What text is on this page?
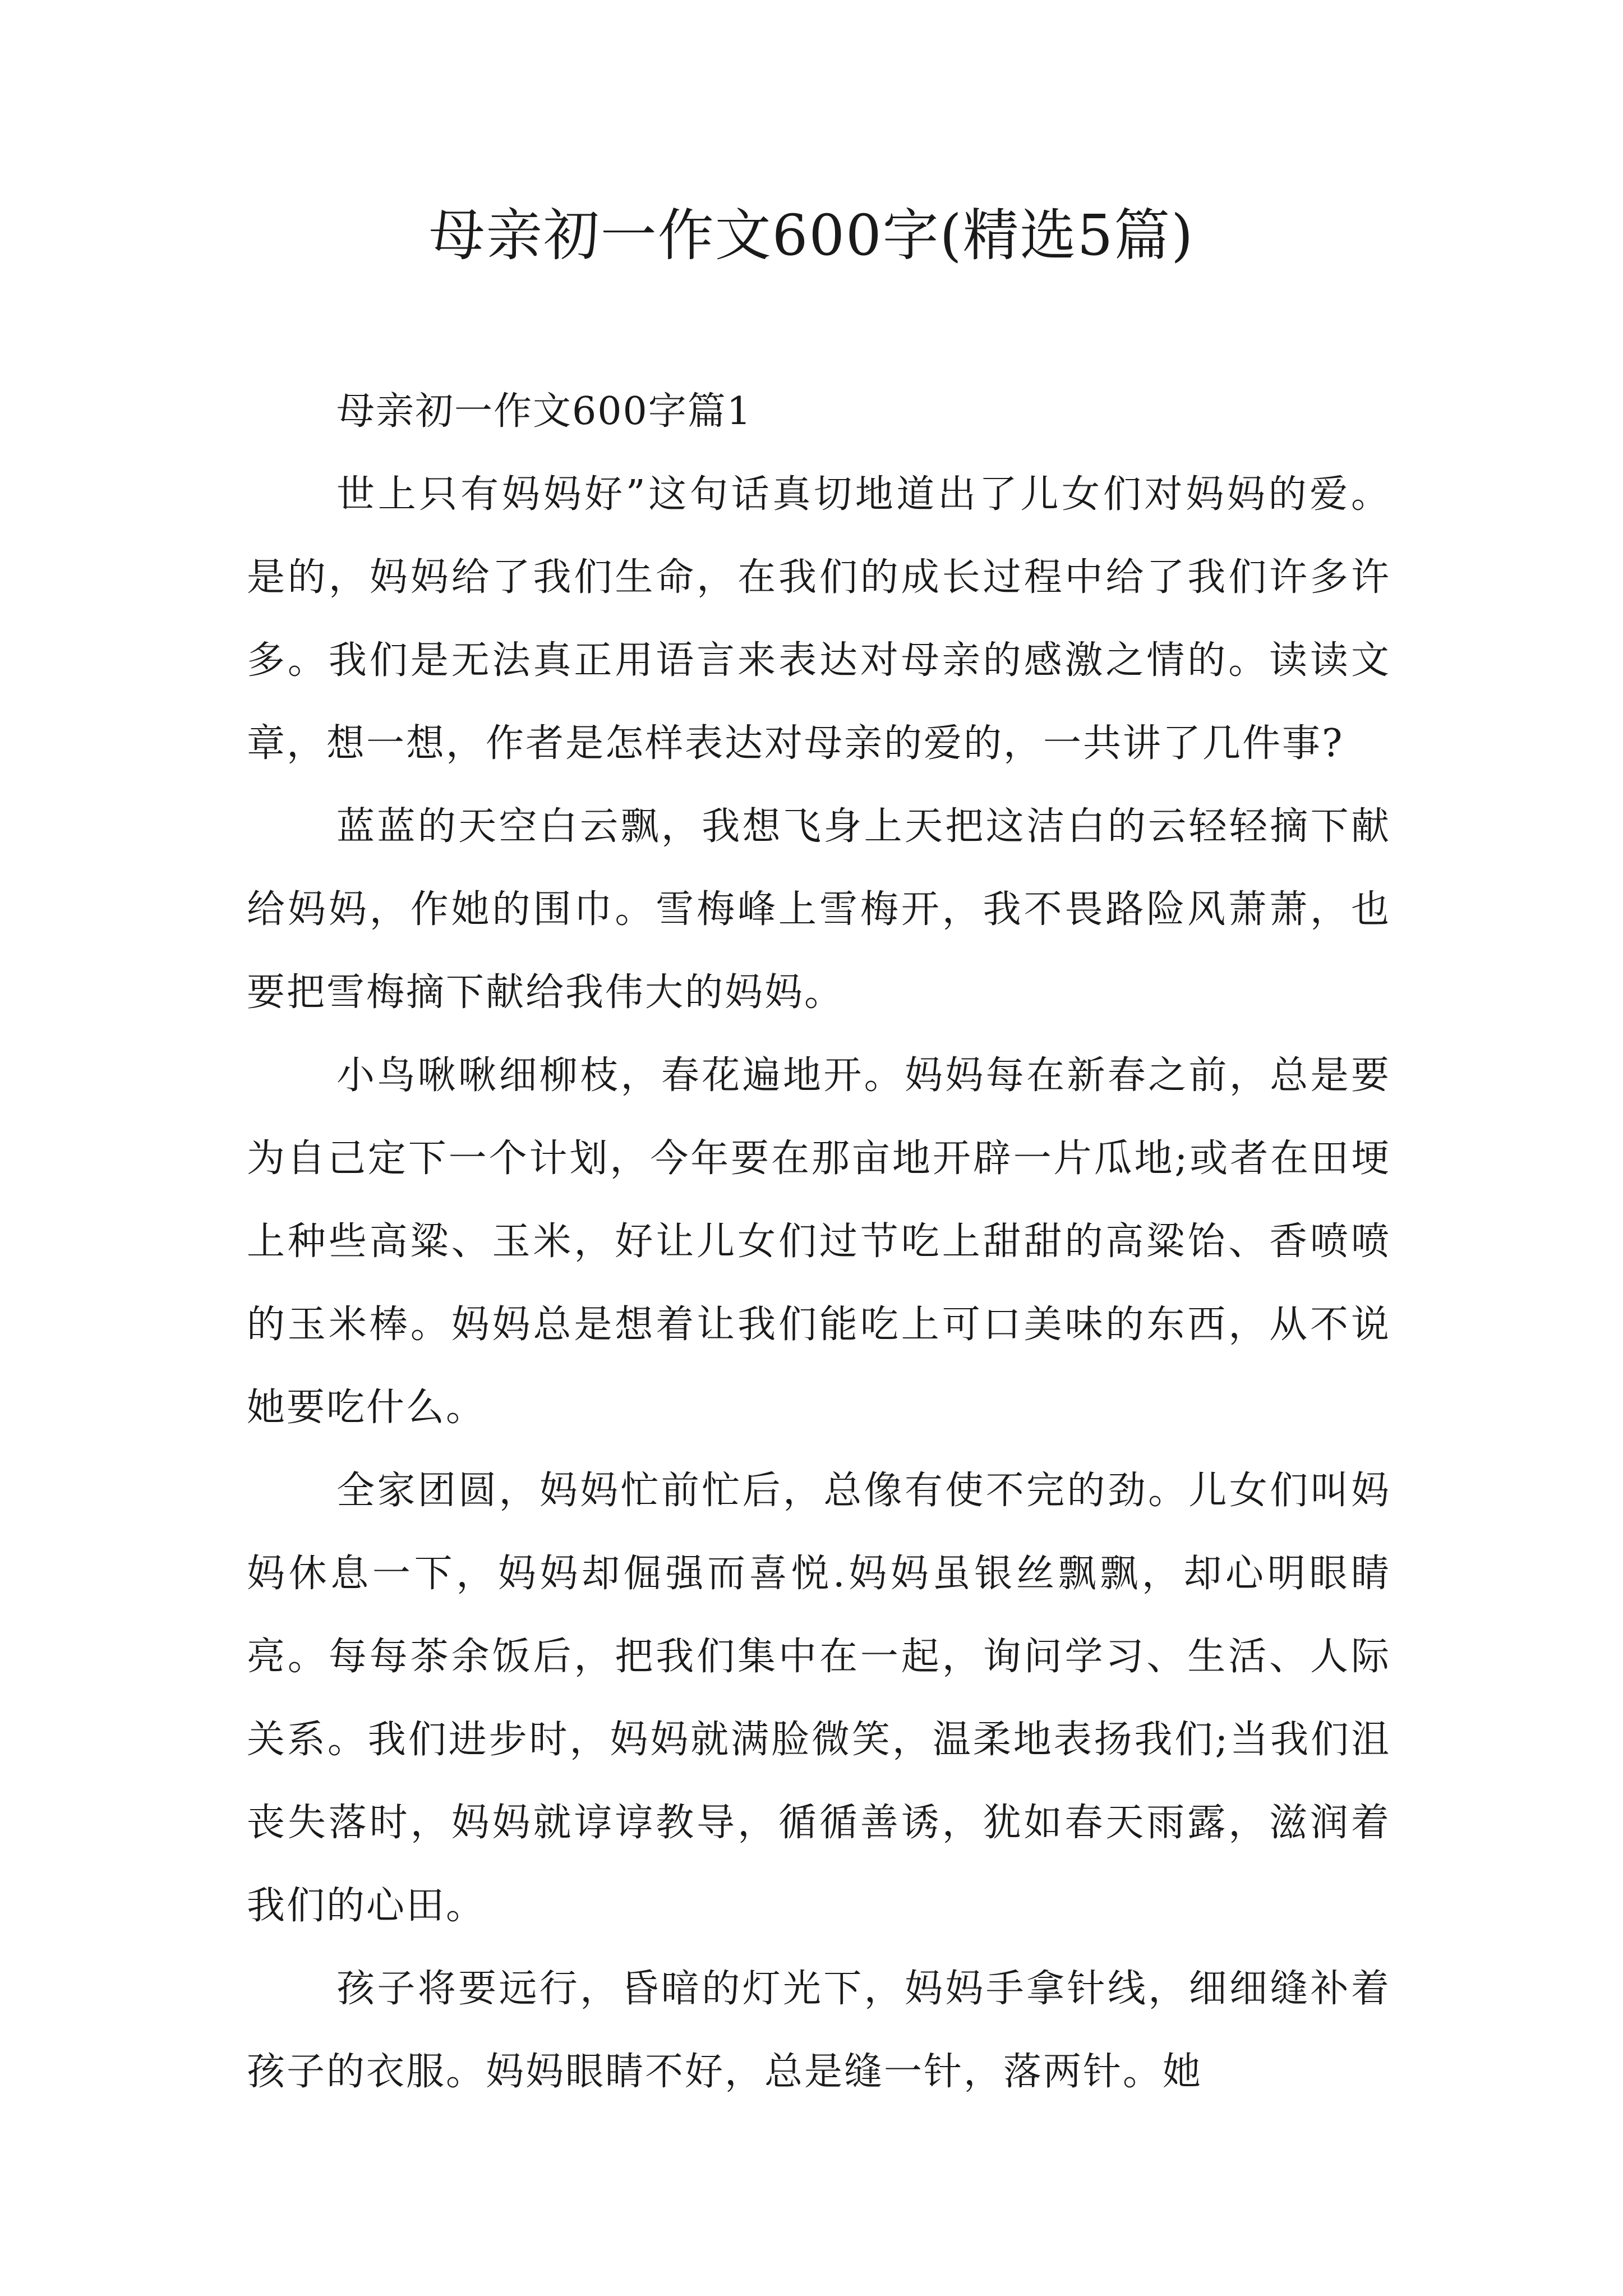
母亲初一作文600字(精选5篇)
母亲初一作文600字篇1

世上只有妈妈好”这句话真切地道出了儿女们对妈妈的爱。是的，妈妈给了我们生命，在我们的成长过程中给了我们许多许多。我们是无法真正用语言来表达对母亲的感激之情的。读读文章，想一想，作者是怎样表达对母亲的爱的，一共讲了几件事?

蓝蓝的天空白云飘，我想飞身上天把这洁白的云轻轻摘下献给妈妈，作她的围巾。雪梅峰上雪梅开，我不畏路险风萧萧，也要把雪梅摘下献给我伟大的妈妈。

小鸟啾啾细柳枝，春花遍地开。妈妈每在新春之前，总是要为自己定下一个计划，今年要在那亩地开辟一片瓜地;或者在田埂上种些高粱、玉米，好让儿女们过节吃上甜甜的高粱饴、香喷喷的玉米棒。妈妈总是想着让我们能吃上可口美味的东西，从不说她要吃什么。

全家团圆，妈妈忙前忙后，总像有使不完的劲。儿女们叫妈妈休息一下，妈妈却倔强而喜悦.妈妈虽银丝飘飘，却心明眼睛亮。每每茶余饭后，把我们集中在一起，询问学习、生活、人际关系。我们进步时，妈妈就满脸微笑，温柔地表扬我们;当我们沮丧失落时，妈妈就谆谆教导，循循善诱，犹如春天雨露，滋润着我们的心田。

孩子将要远行，昏暗的灯光下，妈妈手拿针线，细细缝补着孩子的衣服。妈妈眼睛不好，总是缝一针，落两针。她
